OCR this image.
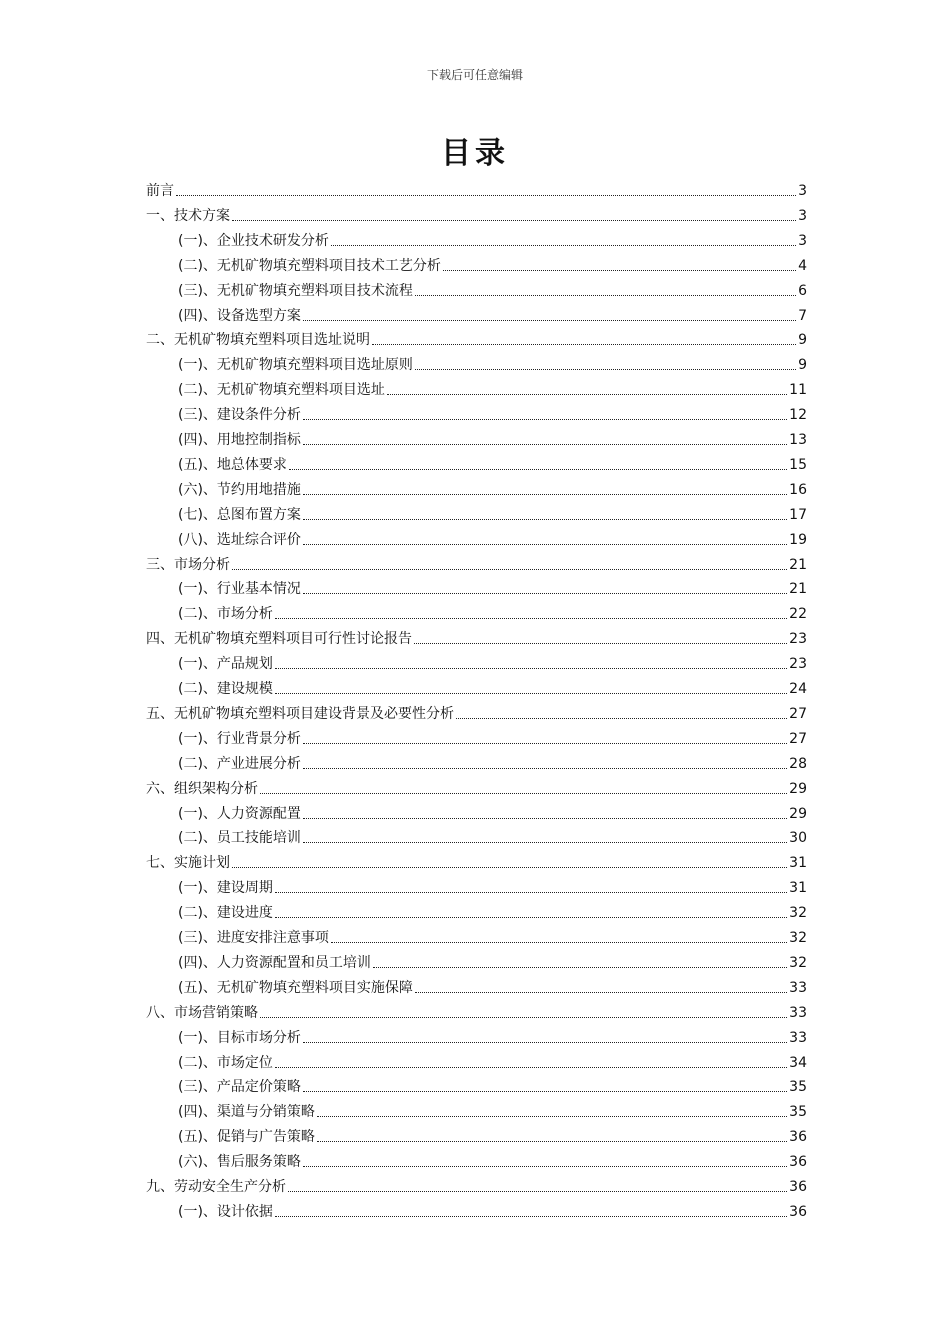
下载后可任意编辑
目录
前言	3
一、技术方案	3
(一)、企业技术研发分析	3
(二)、无机矿物填充塑料项目技术工艺分析	4
(三)、无机矿物填充塑料项目技术流程	6
(四)、设备选型方案	7
二、无机矿物填充塑料项目选址说明	9
(一)、无机矿物填充塑料项目选址原则	9
(二)、无机矿物填充塑料项目选址	11
(三)、建设条件分析	12
(四)、用地控制指标	13
(五)、地总体要求	15
(六)、节约用地措施	16
(七)、总图布置方案	17
(八)、选址综合评价	19
三、市场分析	21
(一)、行业基本情况	21
(二)、市场分析	22
四、无机矿物填充塑料项目可行性讨论报告	23
(一)、产品规划	23
(二)、建设规模	24
五、无机矿物填充塑料项目建设背景及必要性分析	27
(一)、行业背景分析	27
(二)、产业进展分析	28
六、组织架构分析	29
(一)、人力资源配置	29
(二)、员工技能培训	30
七、实施计划	31
(一)、建设周期	31
(二)、建设进度	32
(三)、进度安排注意事项	32
(四)、人力资源配置和员工培训	32
(五)、无机矿物填充塑料项目实施保障	33
八、市场营销策略	33
(一)、目标市场分析	33
(二)、市场定位	34
(三)、产品定价策略	35
(四)、渠道与分销策略	35
(五)、促销与广告策略	36
(六)、售后服务策略	36
九、劳动安全生产分析	36
(一)、设计依据	36
